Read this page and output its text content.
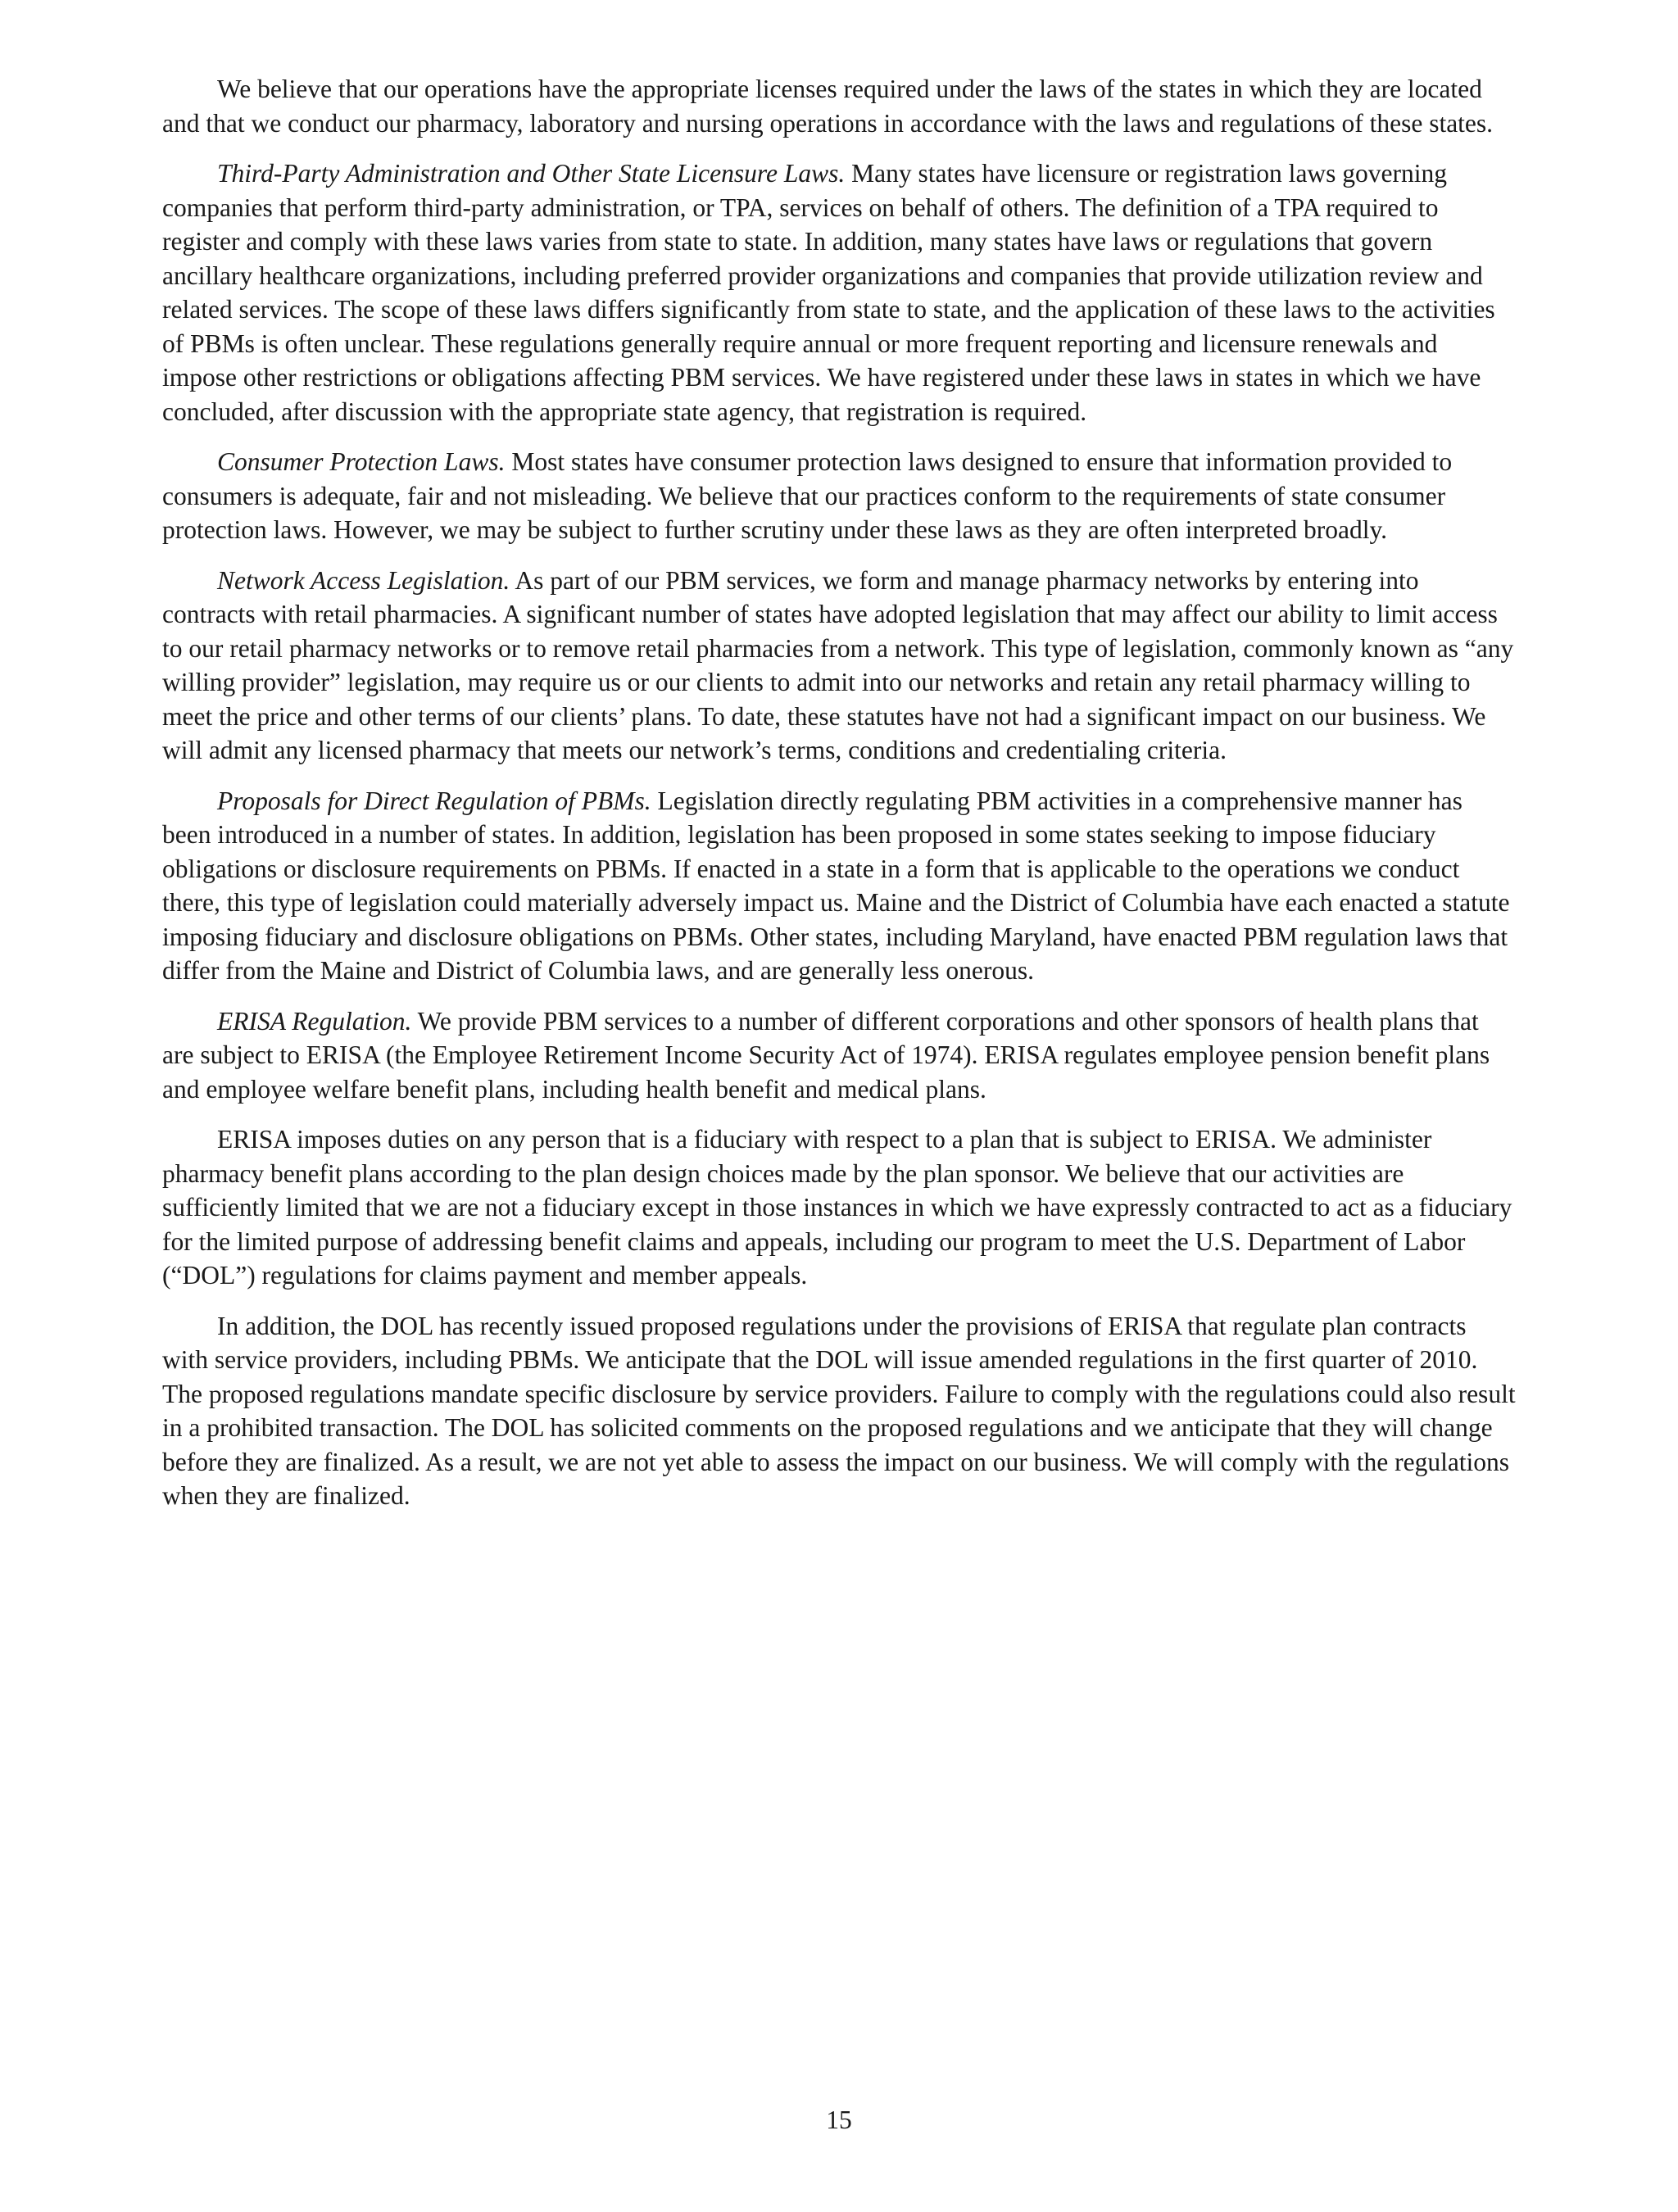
We believe that our operations have the appropriate licenses required under the laws of the states in which they are located and that we conduct our pharmacy, laboratory and nursing operations in accordance with the laws and regulations of these states.

Third-Party Administration and Other State Licensure Laws. Many states have licensure or registration laws governing companies that perform third-party administration, or TPA, services on behalf of others. The definition of a TPA required to register and comply with these laws varies from state to state. In addition, many states have laws or regulations that govern ancillary healthcare organizations, including preferred provider organizations and companies that provide utilization review and related services. The scope of these laws differs significantly from state to state, and the application of these laws to the activities of PBMs is often unclear. These regulations generally require annual or more frequent reporting and licensure renewals and impose other restrictions or obligations affecting PBM services. We have registered under these laws in states in which we have concluded, after discussion with the appropriate state agency, that registration is required.

Consumer Protection Laws. Most states have consumer protection laws designed to ensure that information provided to consumers is adequate, fair and not misleading. We believe that our practices conform to the requirements of state consumer protection laws. However, we may be subject to further scrutiny under these laws as they are often interpreted broadly.

Network Access Legislation. As part of our PBM services, we form and manage pharmacy networks by entering into contracts with retail pharmacies. A significant number of states have adopted legislation that may affect our ability to limit access to our retail pharmacy networks or to remove retail pharmacies from a network. This type of legislation, commonly known as “any willing provider” legislation, may require us or our clients to admit into our networks and retain any retail pharmacy willing to meet the price and other terms of our clients’ plans. To date, these statutes have not had a significant impact on our business. We will admit any licensed pharmacy that meets our network’s terms, conditions and credentialing criteria.

Proposals for Direct Regulation of PBMs. Legislation directly regulating PBM activities in a comprehensive manner has been introduced in a number of states. In addition, legislation has been proposed in some states seeking to impose fiduciary obligations or disclosure requirements on PBMs. If enacted in a state in a form that is applicable to the operations we conduct there, this type of legislation could materially adversely impact us. Maine and the District of Columbia have each enacted a statute imposing fiduciary and disclosure obligations on PBMs. Other states, including Maryland, have enacted PBM regulation laws that differ from the Maine and District of Columbia laws, and are generally less onerous.

ERISA Regulation. We provide PBM services to a number of different corporations and other sponsors of health plans that are subject to ERISA (the Employee Retirement Income Security Act of 1974). ERISA regulates employee pension benefit plans and employee welfare benefit plans, including health benefit and medical plans.

ERISA imposes duties on any person that is a fiduciary with respect to a plan that is subject to ERISA. We administer pharmacy benefit plans according to the plan design choices made by the plan sponsor. We believe that our activities are sufficiently limited that we are not a fiduciary except in those instances in which we have expressly contracted to act as a fiduciary for the limited purpose of addressing benefit claims and appeals, including our program to meet the U.S. Department of Labor (“DOL”) regulations for claims payment and member appeals.

In addition, the DOL has recently issued proposed regulations under the provisions of ERISA that regulate plan contracts with service providers, including PBMs. We anticipate that the DOL will issue amended regulations in the first quarter of 2010. The proposed regulations mandate specific disclosure by service providers. Failure to comply with the regulations could also result in a prohibited transaction. The DOL has solicited comments on the proposed regulations and we anticipate that they will change before they are finalized. As a result, we are not yet able to assess the impact on our business. We will comply with the regulations when they are finalized.

15
